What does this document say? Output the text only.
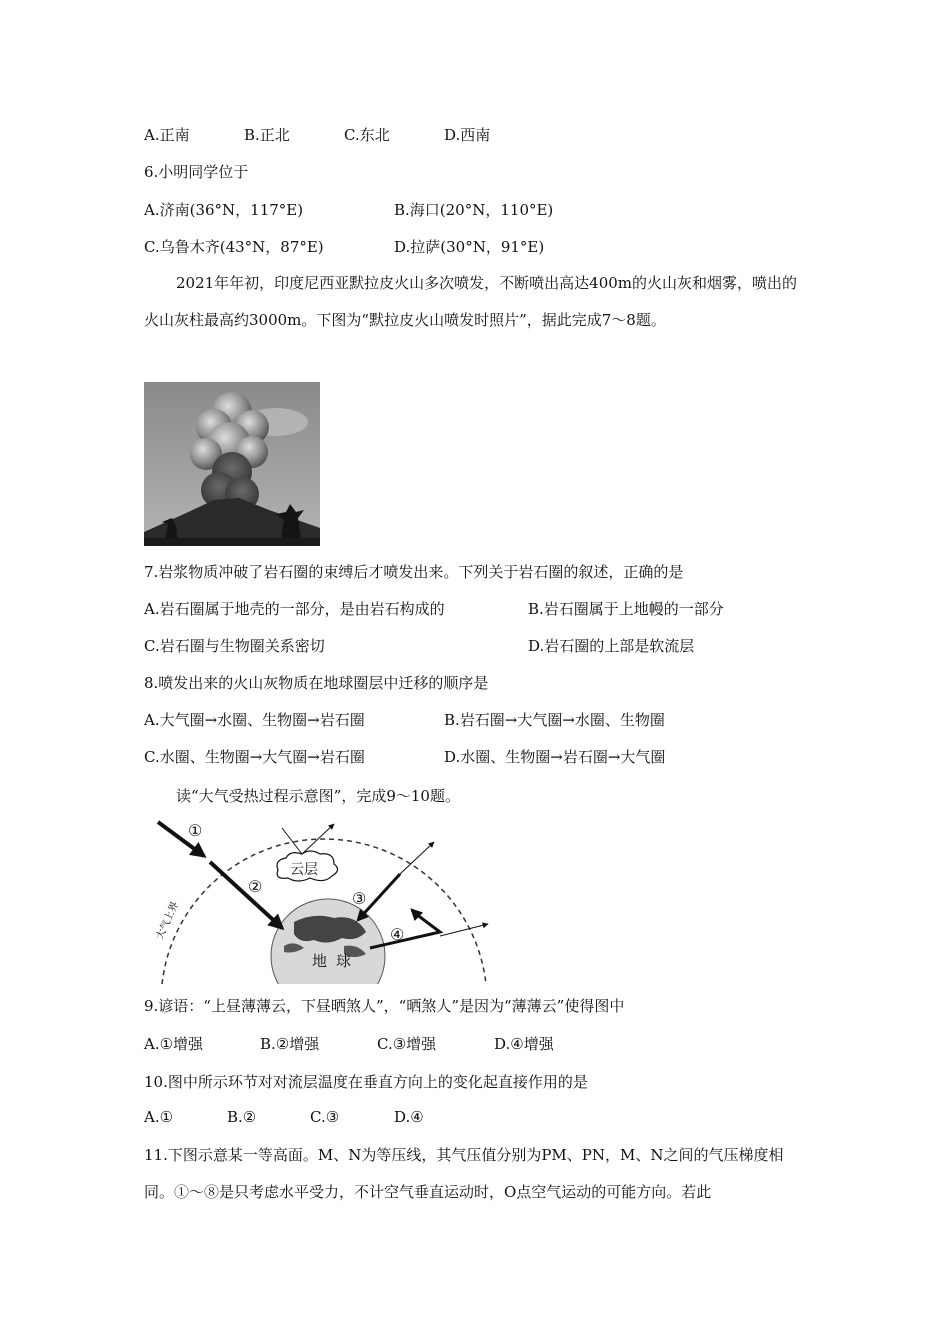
A.正南	B.正北	C.东北	D.西南
6.小明同学位于
A.济南(36°N，117°E)	B.海口(20°N，110°E)
C.乌鲁木齐(43°N，87°E)	D.拉萨(30°N，91°E)
2021年年初，印度尼西亚默拉皮火山多次喷发，不断喷出高达400m的火山灰和烟雾，喷出的火山灰柱最高约3000m。下图为“默拉皮火山喷发时照片”，据此完成7～8题。
7.岩浆物质冲破了岩石圈的束缚后才喷发出来。下列关于岩石圈的叙述，正确的是
A.岩石圈属于地壳的一部分，是由岩石构成的	B.岩石圈属于上地幔的一部分
C.岩石圈与生物圈关系密切	D.岩石圈的上部是软流层
8.喷发出来的火山灰物质在地球圈层中迁移的顺序是
A.大气圈→水圈、生物圈→岩石圈	B.岩石圈→大气圈→水圈、生物圈
C.水圈、生物圈→大气圈→岩石圈	D.水圈、生物圈→岩石圈→大气圈
读“大气受热过程示意图”，完成9～10题。
地 球
云层
①
②
③
④
大气上界
9.谚语：“上昼薄薄云，下昼晒煞人”，“晒煞人”是因为“薄薄云”使得图中
A.①增强	B.②增强	C.③增强	D.④增强
10.图中所示环节对对流层温度在垂直方向上的变化起直接作用的是
A.①	B.②	C.③	D.④
11.下图示意某一等高面。M、N为等压线，其气压值分别为PM、PN，M、N之间的气压梯度相同。①～⑧是只考虑水平受力，不计空气垂直运动时，O点空气运动的可能方向。若此
